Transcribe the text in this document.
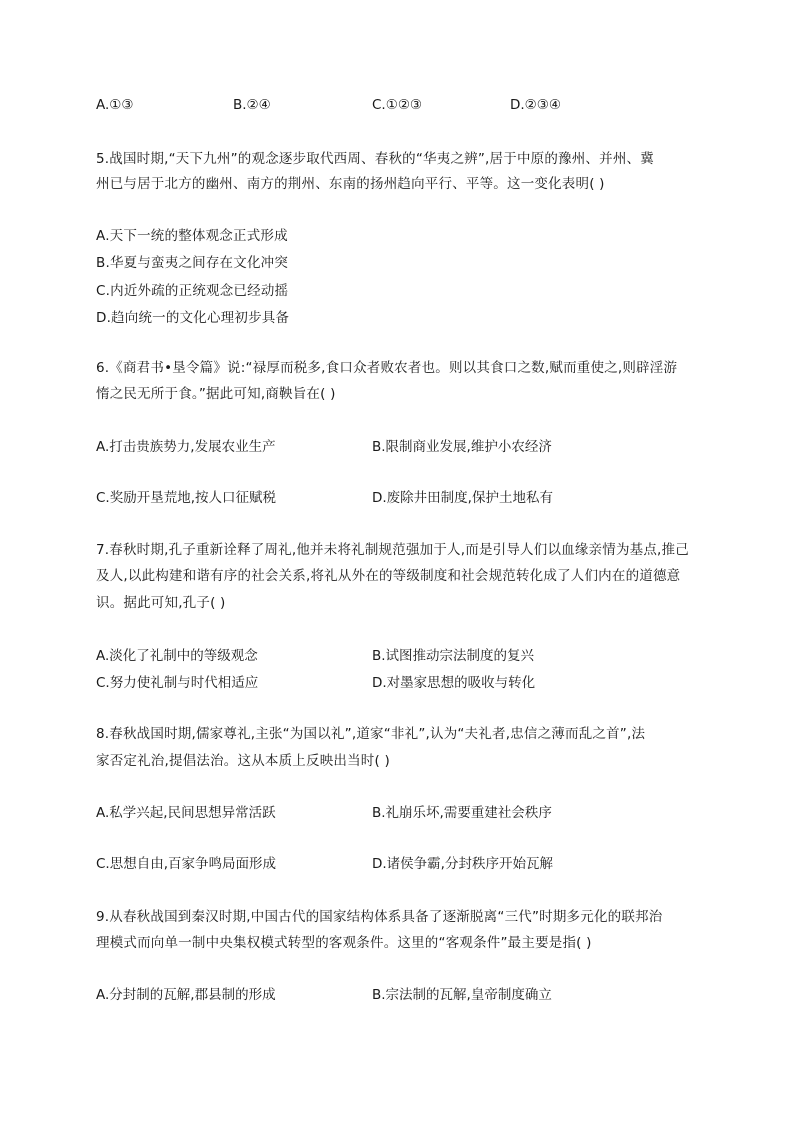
A.①③	B.②④	C.①②③	D.②③④
5.战国时期,“天下九州”的观念逐步取代西周、春秋的“华夷之辨”,居于中原的豫州、并州、冀
州已与居于北方的幽州、南方的荆州、东南的扬州趋向平行、平等。这一变化表明( )
A.天下一统的整体观念正式形成
B.华夏与蛮夷之间存在文化冲突
C.内近外疏的正统观念已经动摇
D.趋向统一的文化心理初步具备
6.《商君书•垦令篇》说:“禄厚而税多,食口众者败农者也。则以其食口之数,赋而重使之,则辟淫游
惰之民无所于食。”据此可知,商鞅旨在( )
A.打击贵族势力,发展农业生产	B.限制商业发展,维护小农经济
C.奖励开垦荒地,按人口征赋税	D.废除井田制度,保护土地私有
7.春秋时期,孔子重新诠释了周礼,他并未将礼制规范强加于人,而是引导人们以血缘亲情为基点,推己
及人,以此构建和谐有序的社会关系,将礼从外在的等级制度和社会规范转化成了人们内在的道德意
识。据此可知,孔子( )
A.淡化了礼制中的等级观念	B.试图推动宗法制度的复兴
C.努力使礼制与时代相适应	D.对墨家思想的吸收与转化
8.春秋战国时期,儒家尊礼,主张“为国以礼”,道家“非礼”,认为“夫礼者,忠信之薄而乱之首”,法
家否定礼治,提倡法治。这从本质上反映出当时( )
A.私学兴起,民间思想异常活跃	B.礼崩乐坏,需要重建社会秩序
C.思想自由,百家争鸣局面形成	D.诸侯争霸,分封秩序开始瓦解
9.从春秋战国到秦汉时期,中国古代的国家结构体系具备了逐渐脱离“三代”时期多元化的联邦治
理模式而向单一制中央集权模式转型的客观条件。这里的“客观条件”最主要是指( )
A.分封制的瓦解,郡县制的形成	B.宗法制的瓦解,皇帝制度确立
